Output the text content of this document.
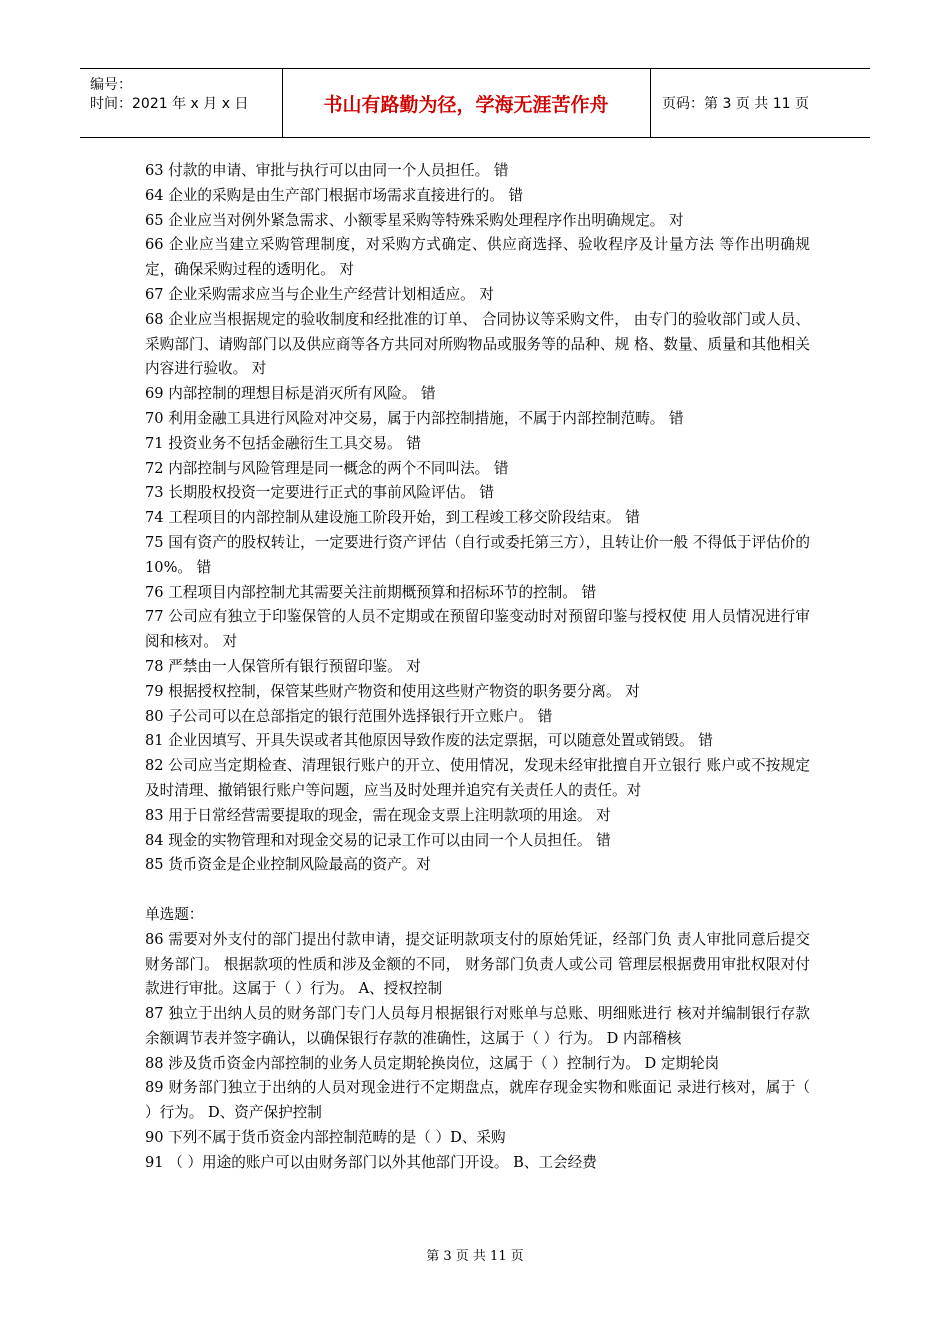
编号：
时间：2021 年 x 月 x 日	书山有路勤为径，学海无涯苦作舟	页码：第 3 页 共 11 页

63 付款的申请、审批与执行可以由同一个人员担任。 错

64 企业的采购是由生产部门根据市场需求直接进行的。 错

65 企业应当对例外紧急需求、小额零星采购等特殊采购处理程序作出明确规定。 对

66 企业应当建立采购管理制度，对采购方式确定、供应商选择、验收程序及计量方法 等作出明确规定，确保采购过程的透明化。 对

67 企业采购需求应当与企业生产经营计划相适应。 对

68 企业应当根据规定的验收制度和经批准的订单、 合同协议等采购文件， 由专门的验收部门或人员、采购部门、请购部门以及供应商等各方共同对所购物品或服务等的品种、规 格、数量、质量和其他相关内容进行验收。 对

69 内部控制的理想目标是消灭所有风险。 错

70 利用金融工具进行风险对冲交易，属于内部控制措施，不属于内部控制范畴。 错

71 投资业务不包括金融衍生工具交易。 错

72 内部控制与风险管理是同一概念的两个不同叫法。 错

73 长期股权投资一定要进行正式的事前风险评估。 错

74 工程项目的内部控制从建设施工阶段开始，到工程竣工移交阶段结束。 错

75 国有资产的股权转让，一定要进行资产评估（自行或委托第三方），且转让价一般 不得低于评估价的 10%。 错

76 工程项目内部控制尤其需要关注前期概预算和招标环节的控制。 错

77 公司应有独立于印鉴保管的人员不定期或在预留印鉴变动时对预留印鉴与授权使 用人员情况进行审阅和核对。 对

78 严禁由一人保管所有银行预留印鉴。 对

79 根据授权控制，保管某些财产物资和使用这些财产物资的职务要分离。 对

80 子公司可以在总部指定的银行范围外选择银行开立账户。 错

81 企业因填写、开具失误或者其他原因导致作废的法定票据，可以随意处置或销毁。 错

82 公司应当定期检查、清理银行账户的开立、使用情况，发现未经审批擅自开立银行 账户或不按规定及时清理、撤销银行账户等问题，应当及时处理并追究有关责任人的责任。对

83 用于日常经营需要提取的现金，需在现金支票上注明款项的用途。 对

84 现金的实物管理和对现金交易的记录工作可以由同一个人员担任。 错

85 货币资金是企业控制风险最高的资产。对

单选题：

86 需要对外支付的部门提出付款申请，提交证明款项支付的原始凭证，经部门负 责人审批同意后提交财务部门。 根据款项的性质和涉及金额的不同， 财务部门负责人或公司 管理层根据费用审批权限对付款进行审批。这属于（ ）行为。 A、授权控制

87 独立于出纳人员的财务部门专门人员每月根据银行对账单与总账、明细账进行 核对并编制银行存款余额调节表并签字确认，以确保银行存款的准确性，这属于（ ）行为。 D 内部稽核

88 涉及货币资金内部控制的业务人员定期轮换岗位，这属于（ ）控制行为。 D 定期轮岗

89 财务部门独立于出纳的人员对现金进行不定期盘点，就库存现金实物和账面记 录进行核对，属于（ ）行为。 D、资产保护控制

90 下列不属于货币资金内部控制范畴的是（ ）D、采购

91 （ ）用途的账户可以由财务部门以外其他部门开设。 B、工会经费

第 3 页 共 11 页
